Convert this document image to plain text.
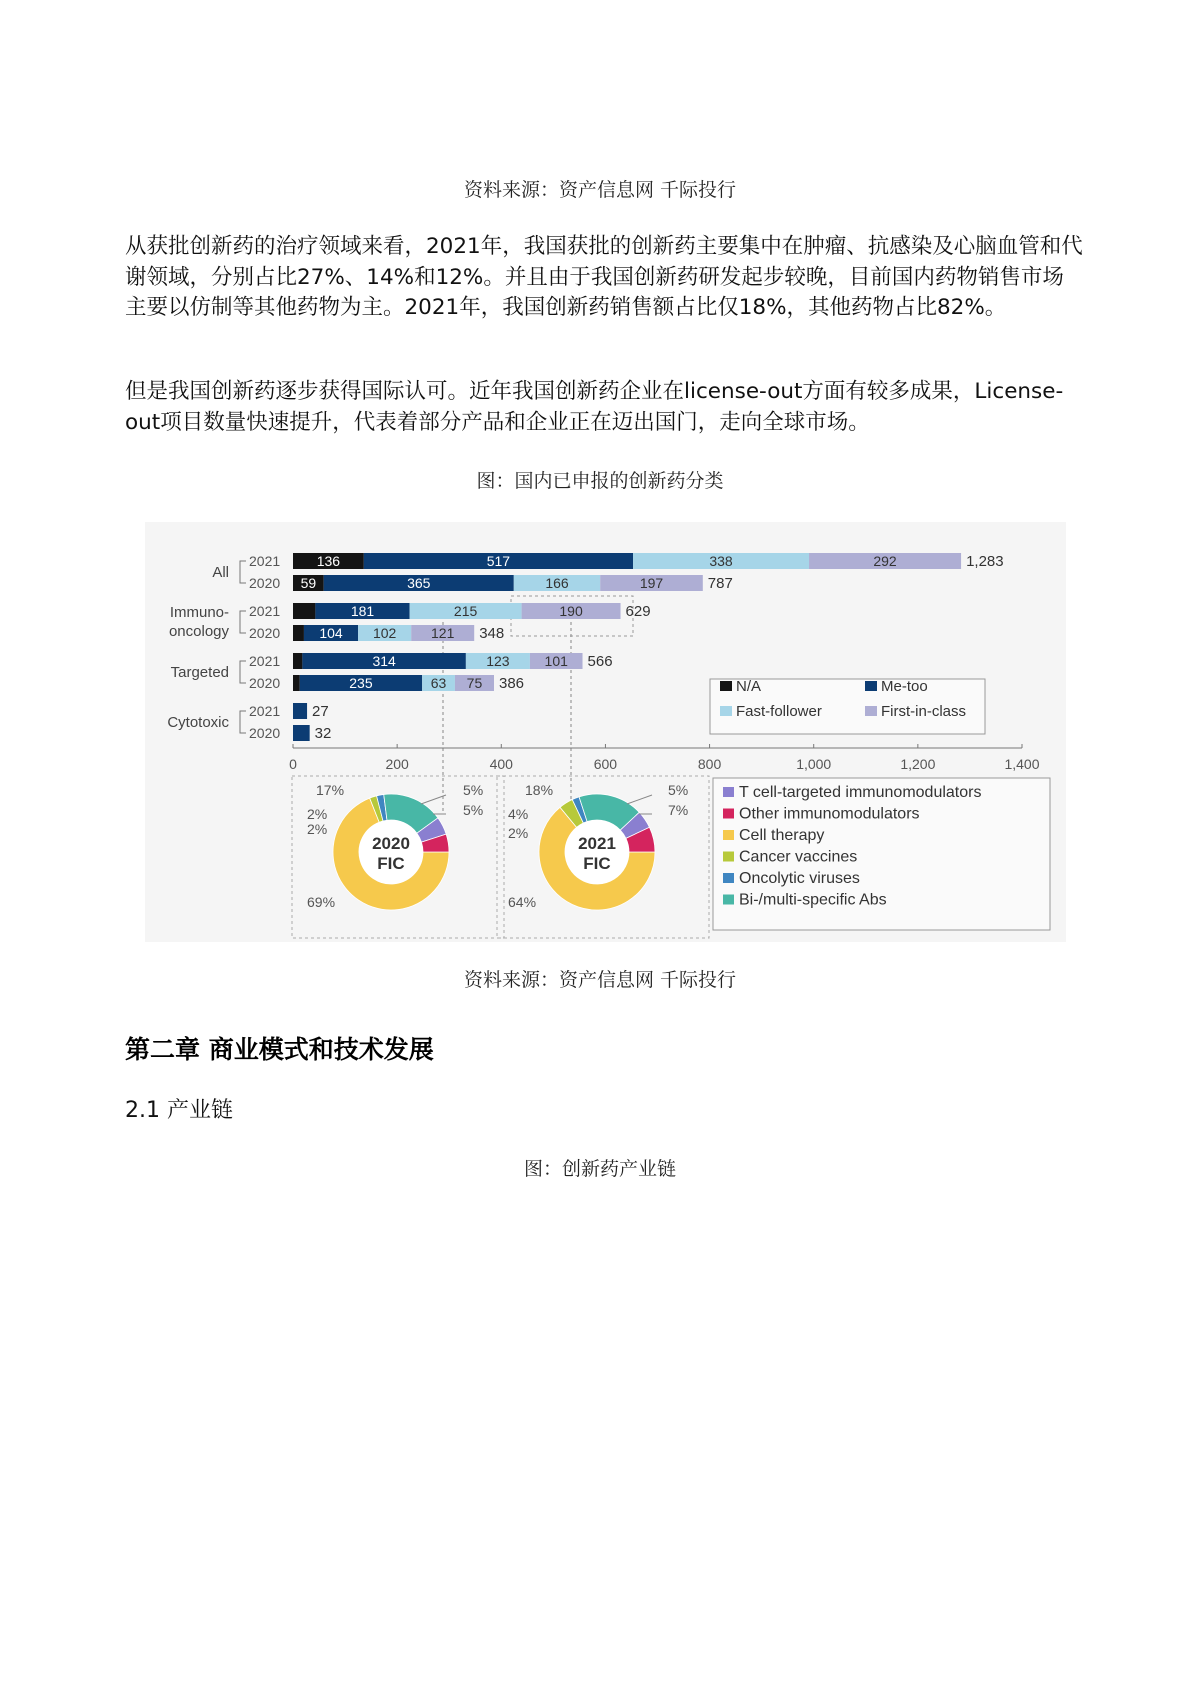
资料来源：资产信息网 千际投行

从获批创新药的治疗领域来看，2021年，我国获批的创新药主要集中在肿瘤、抗感染及心脑血管和代谢领域，分别占比27%、14%和12%。并且由于我国创新药研发起步较晚，目前国内药物销售市场主要以仿制等其他药物为主。2021年，我国创新药销售额占比仅18%，其他药物占比82%。

但是我国创新药逐步获得国际认可。近年我国创新药企业在license-out方面有较多成果，License-out项目数量快速提升，代表着部分产品和企业正在迈出国门，走向全球市场。

图：国内已申报的创新药分类
All
2021	136	517	338	292	1,283
2020 59	365	166	197	787
Immuno-
oncology
2021	181	215	190	629
2020	104 102 121 348
Targeted
2021	314	123 101 566
2020	235	63 75 386
Cytotoxic
2021 27
2020 32
0	200	400	600	800	1,000	1,200	1,400
N/A	Me-too
Fast-follower	First-in-class
2020
FIC
69%
2%
2%
17%	5%
5%
2021
FIC
64%
4%
2%
18%	5%
7%
T cell-targeted immunomodulators
Other immunomodulators
Cell therapy
Cancer vaccines
Oncolytic viruses
Bi-/multi-specific Abs
资料来源：资产信息网 千际投行
第二章 商业模式和技术发展
2.1 产业链
图：创新药产业链
